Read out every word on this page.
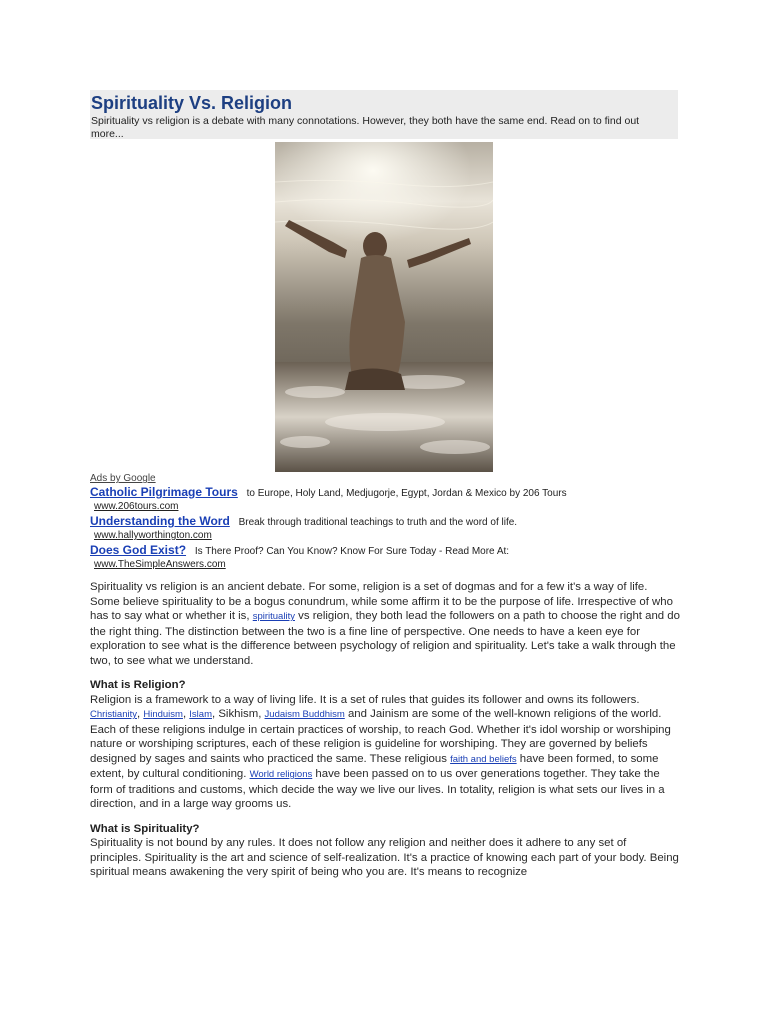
Spirituality Vs. Religion
Spirituality vs religion is a debate with many connotations. However, they both have the same end. Read on to find out more...
Ads by Google
Catholic Pilgrimage Tours to Europe, Holy Land, Medjugorje, Egypt, Jordan & Mexico by 206 Tours
www.206tours.com
Understanding the Word Break through traditional teachings to truth and the word of life.
www.hallyworthington.com
Does God Exist? Is There Proof? Can You Know? Know For Sure Today - Read More At:
www.TheSimpleAnswers.com

Spirituality vs religion is an ancient debate. For some, religion is a set of dogmas and for a few it's a way of life. Some believe spirituality to be a bogus conundrum, while some affirm it to be the purpose of life. Irrespective of who has to say what or whether it is, spirituality vs religion, they both lead the followers on a path to choose the right and do the right thing. The distinction between the two is a fine line of perspective. One needs to have a keen eye for exploration to see what is the difference between psychology of religion and spirituality. Let's take a walk through the two, to see what we understand.

What is Religion?

Religion is a framework to a way of living life. It is a set of rules that guides its follower and owns its followers. Christianity, Hinduism, Islam, Sikhism, Judaism Buddhism and Jainism are some of the well-known religions of the world. Each of these religions indulge in certain practices of worship, to reach God. Whether it's idol worship or worshiping nature or worshiping scriptures, each of these religion is guideline for worshiping. They are governed by beliefs designed by sages and saints who practiced the same. These religious faith and beliefs have been formed, to some extent, by cultural conditioning. World religions have been passed on to us over generations together. They take the form of traditions and customs, which decide the way we live our lives. In totality, religion is what sets our lives in a direction, and in a large way grooms us.

What is Spirituality?

Spirituality is not bound by any rules. It does not follow any religion and neither does it adhere to any set of principles. Spirituality is the art and science of self-realization. It's a practice of knowing each part of your body. Being spiritual means awakening the very spirit of being who you are. It's means to recognize
